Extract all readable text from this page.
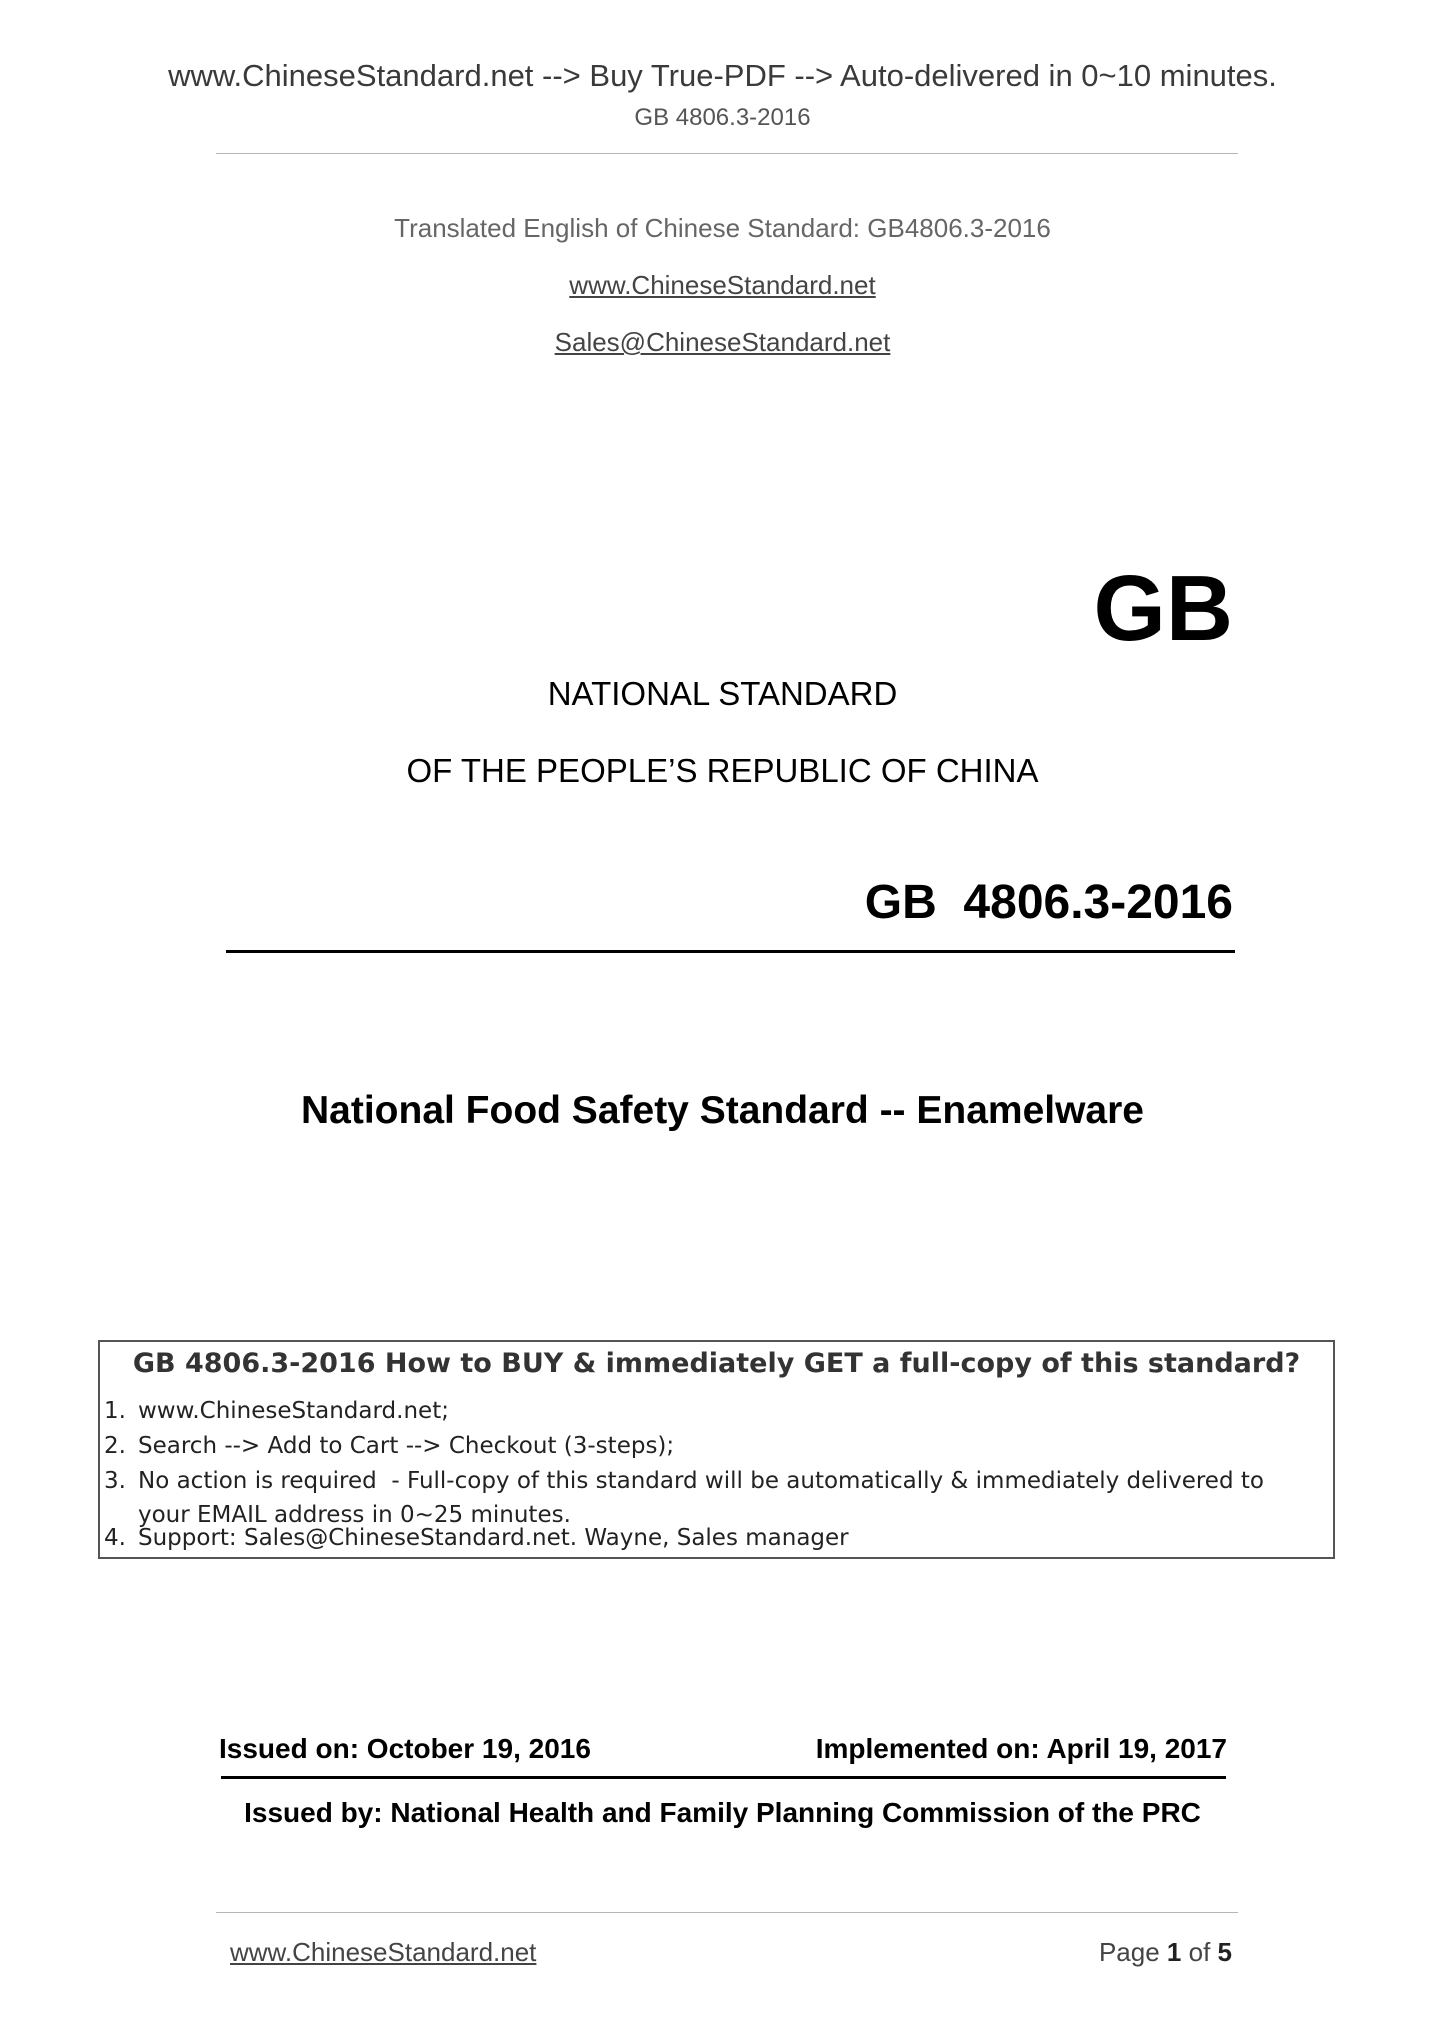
www.ChineseStandard.net --> Buy True-PDF --> Auto-delivered in 0~10 minutes.
GB 4806.3-2016
Translated English of Chinese Standard: GB4806.3-2016
www.ChineseStandard.net
Sales@ChineseStandard.net
GB
NATIONAL STANDARD
OF THE PEOPLE’S REPUBLIC OF CHINA
GB  4806.3-2016
National Food Safety Standard -- Enamelware
GB 4806.3-2016 How to BUY & immediately GET a full-copy of this standard?
1. www.ChineseStandard.net;
2. Search --> Add to Cart --> Checkout (3-steps);
3. No action is required  - Full-copy of this standard will be automatically & immediately delivered to
your EMAIL address in 0~25 minutes.
4. Support: Sales@ChineseStandard.net. Wayne, Sales manager
Issued on: October 19, 2016	Implemented on: April 19, 2017
Issued by: National Health and Family Planning Commission of the PRC
www.ChineseStandard.net	Page 1 of 5
